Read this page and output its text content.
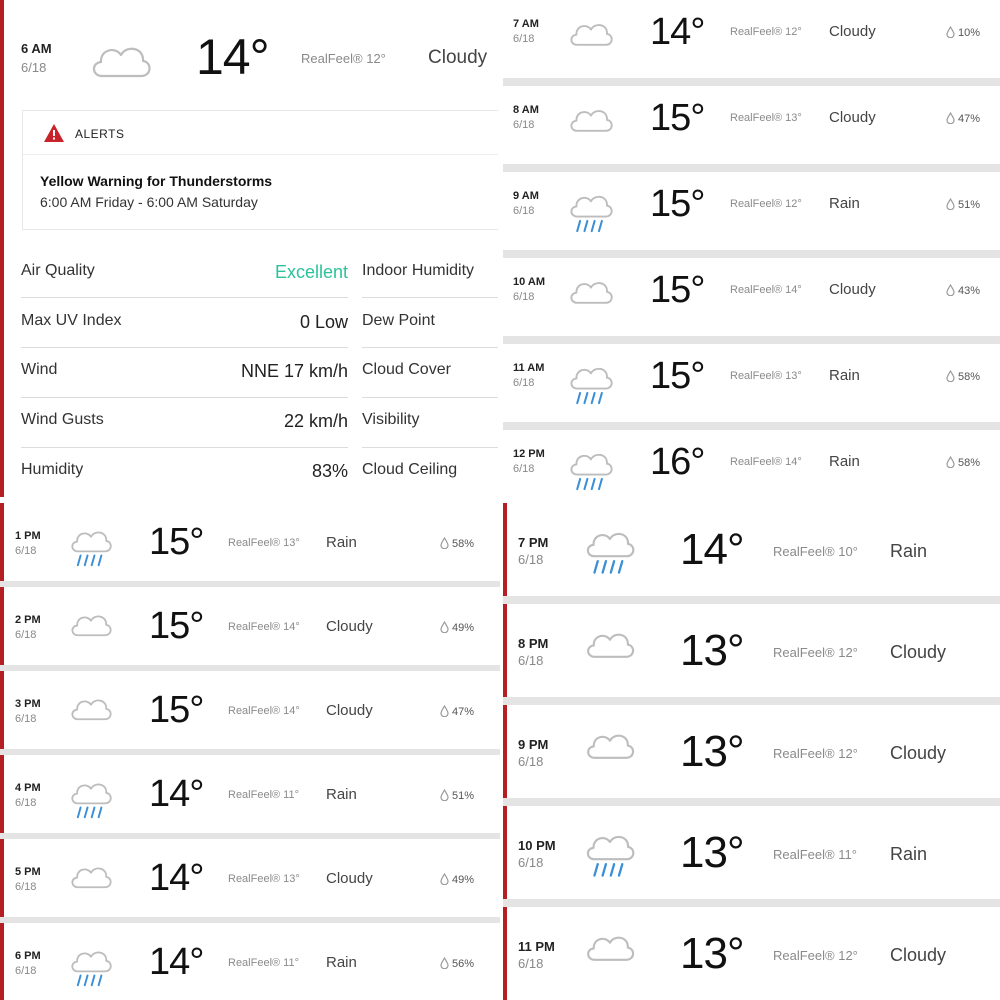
6 AM
6/18	14° RealFeel® 12° Cloudy
ALERTS
Yellow Warning for Thunderstorms
6:00 AM Friday - 6:00 AM Saturday
Air Quality	Excellent
Max UV Index	0 Low
Wind	NNE 17 km/h
Wind Gusts	22 km/h
Humidity	83%
Indoor Humidity
Dew Point
Cloud Cover
Visibility
Cloud Ceiling
7 AM
6/18	14° RealFeel® 12° Cloudy	10%
8 AM
6/18	15° RealFeel® 13° Cloudy	47%
9 AM
6/18	15° RealFeel® 12° Rain	51%
10 AM
6/18	15° RealFeel® 14° Cloudy	43%
11 AM
6/18	15° RealFeel® 13° Rain	58%
12 PM
6/18	16° RealFeel® 14° Rain	58%
1 PM
6/18	15° RealFeel® 13° Rain	58%
2 PM
6/18	15° RealFeel® 14° Cloudy	49%
3 PM
6/18	15° RealFeel® 14° Cloudy	47%
4 PM
6/18	14° RealFeel® 11° Rain	51%
5 PM
6/18	14° RealFeel® 13° Cloudy	49%
6 PM
6/18	14° RealFeel® 11° Rain	56%
7 PM
6/18	14° RealFeel® 10° Rain
8 PM
6/18	13° RealFeel® 12° Cloudy
9 PM
6/18	13° RealFeel® 12° Cloudy
10 PM
6/18	13° RealFeel® 11° Rain
11 PM
6/18	13° RealFeel® 12° Cloudy
